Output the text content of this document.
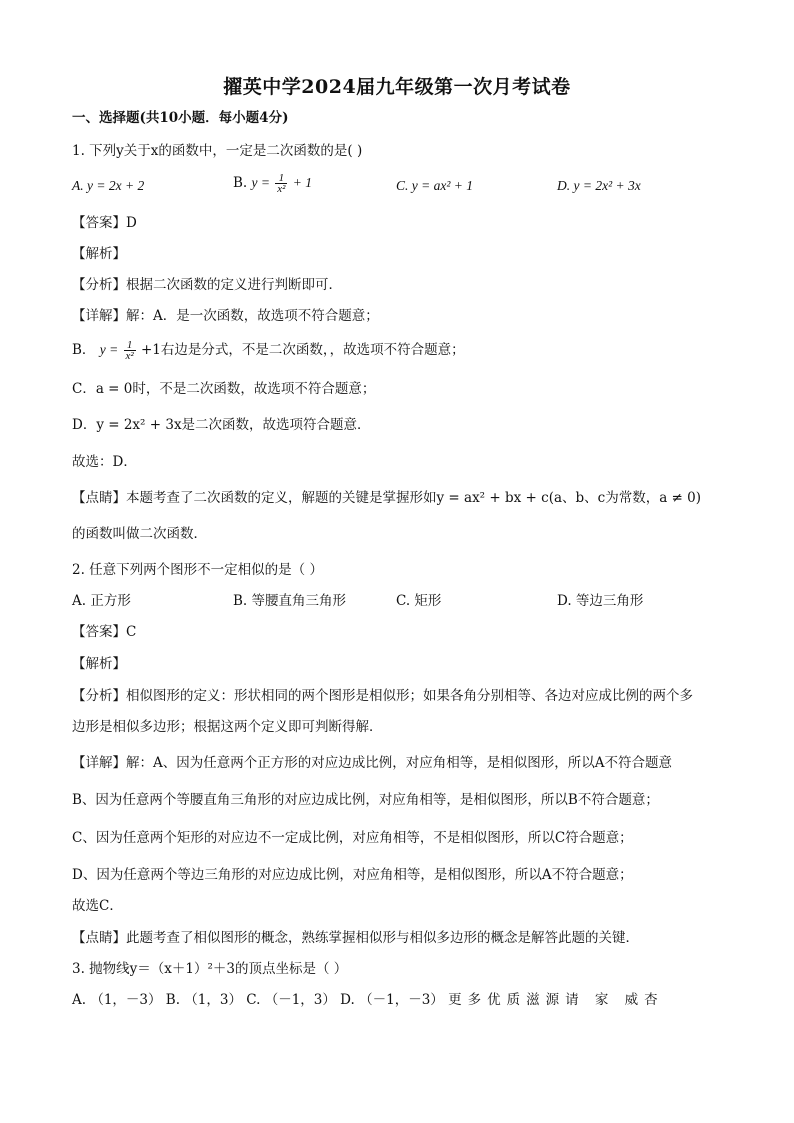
擢英中学2024届九年级第一次月考试卷
一、选择题(共10小题．每小题4分)
1. 下列y关于x的函数中，一定是二次函数的是( )
A. y = 2x + 2	B. $y = \frac{1}{\text{x²}} + 1$	C. y = ax² + 1	D. y = 2x² + 3x
【答案】D
【解析】
【分析】根据二次函数的定义进行判断即可．
【详解】解：A．是一次函数，故选项不符合题意；
B． $y = \frac{1}{\text{x²}} +1$右边是分式，不是二次函数，，故选项不符合题意；
C．a = 0时，不是二次函数，故选项不符合题意；
D．y = 2x² + 3x是二次函数，故选项符合题意．
故选：D．
【点睛】本题考查了二次函数的定义，解题的关键是掌握形如y = ax² + bx + c(a、b、c为常数，a ≠ 0)
的函数叫做二次函数．
2. 任意下列两个图形不一定相似的是（ ）
A. 正方形	B. 等腰直角三角形	C. 矩形	D. 等边三角形
【答案】C
【解析】
【分析】相似图形的定义：形状相同的两个图形是相似形；如果各角分别相等、各边对应成比例的两个多
边形是相似多边形；根据这两个定义即可判断得解．
【详解】解：A、因为任意两个正方形的对应边成比例，对应角相等，是相似图形，所以A不符合题意
B、因为任意两个等腰直角三角形的对应边成比例，对应角相等，是相似图形，所以B不符合题意；
C、因为任意两个矩形的对应边不一定成比例，对应角相等，不是相似图形，所以C符合题意；
D、因为任意两个等边三角形的对应边成比例，对应角相等，是相似图形，所以A不符合题意；
故选C．
【点睛】此题考查了相似图形的概念，熟练掌握相似形与相似多边形的概念是解答此题的关键．
3. 抛物线y＝（x＋1）²＋3的顶点坐标是（ ）
A. （1，－3） B. （1，3） C. （－1，3） D. （－1，－3） 更多优质滋源请 家 威杏
